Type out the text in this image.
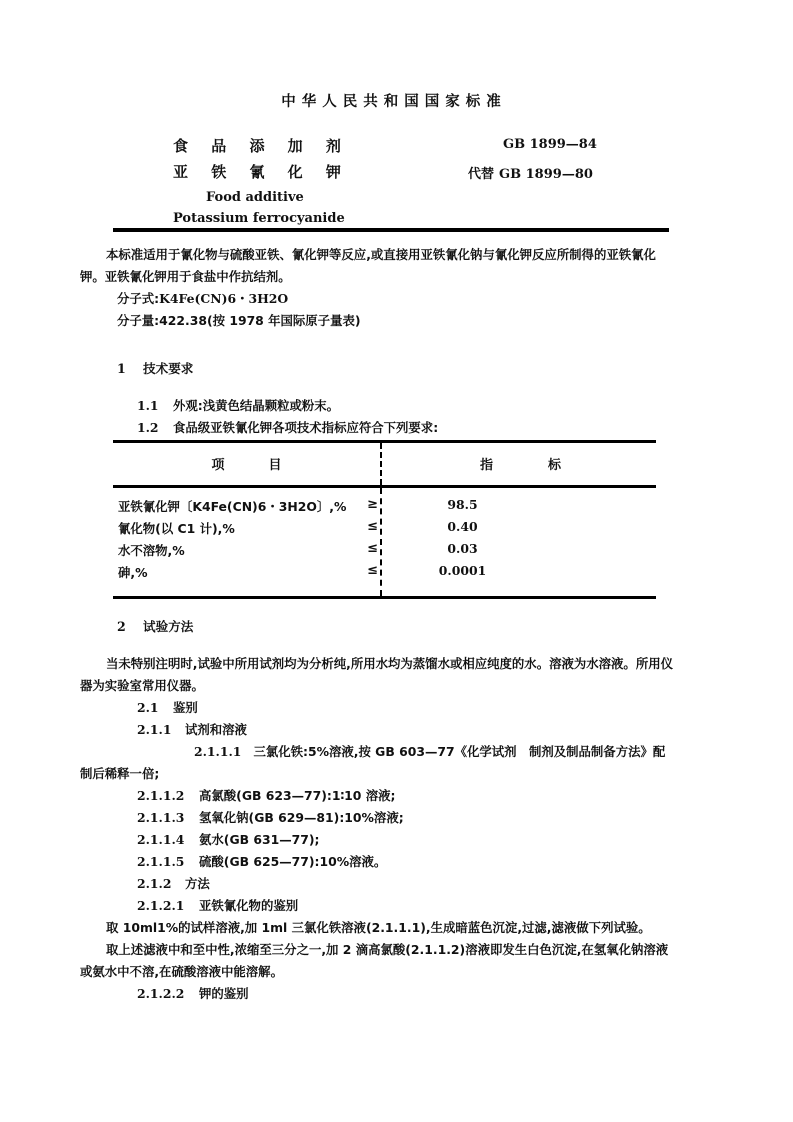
中华人民共和国国家标准
食 品 添 加 剂
亚 铁 氰 化 钾
GB 1899—84
代替 GB 1899—80
Food additive
Potassium ferrocyanide

本标准适用于氰化物与硫酸亚铁、氰化钾等反应,或直接用亚铁氰化钠与氰化钾反应所制得的亚铁氰化钾。亚铁氰化钾用于食盐中作抗结剂。

分子式:K4Fe(CN)6・3H2O

分子量:422.38(按 1978 年国际原子量表)

1 技术要求

1.1 外观:浅黄色结晶颗粒或粉末。

1.2 食品级亚铁氰化钾各项技术指标应符合下列要求:

项目	指标
亚铁氰化钾〔K4Fe(CN)6・3H2O〕,% ≥	98.5
氰化物(以 C1 计),%	≤	0.40
水不溶物,%	≤	0.03
砷,%	≤	0.0001

2 试验方法

当未特别注明时,试验中所用试剂均为分析纯,所用水均为蒸馏水或相应纯度的水。溶液为水溶液。所用仪器为实验室常用仪器。

2.1 鉴别

2.1.1 试剂和溶液

2.1.1.1 三氯化铁:5%溶液,按 GB 603—77《化学试剂　制剂及制品制备方法》配制后稀释一倍;

2.1.1.2 高氯酸(GB 623—77):1∶10 溶液;

2.1.1.3 氢氧化钠(GB 629—81):10%溶液;

2.1.1.4 氨水(GB 631—77);

2.1.1.5 硫酸(GB 625—77):10%溶液。

2.1.2 方法

2.1.2.1 亚铁氰化物的鉴别

取 10ml1%的试样溶液,加 1ml 三氯化铁溶液(2.1.1.1),生成暗蓝色沉淀,过滤,滤液做下列试验。

取上述滤液中和至中性,浓缩至三分之一,加 2 滴高氯酸(2.1.1.2)溶液即发生白色沉淀,在氢氧化钠溶液或氨水中不溶,在硫酸溶液中能溶解。

2.1.2.2 钾的鉴别
